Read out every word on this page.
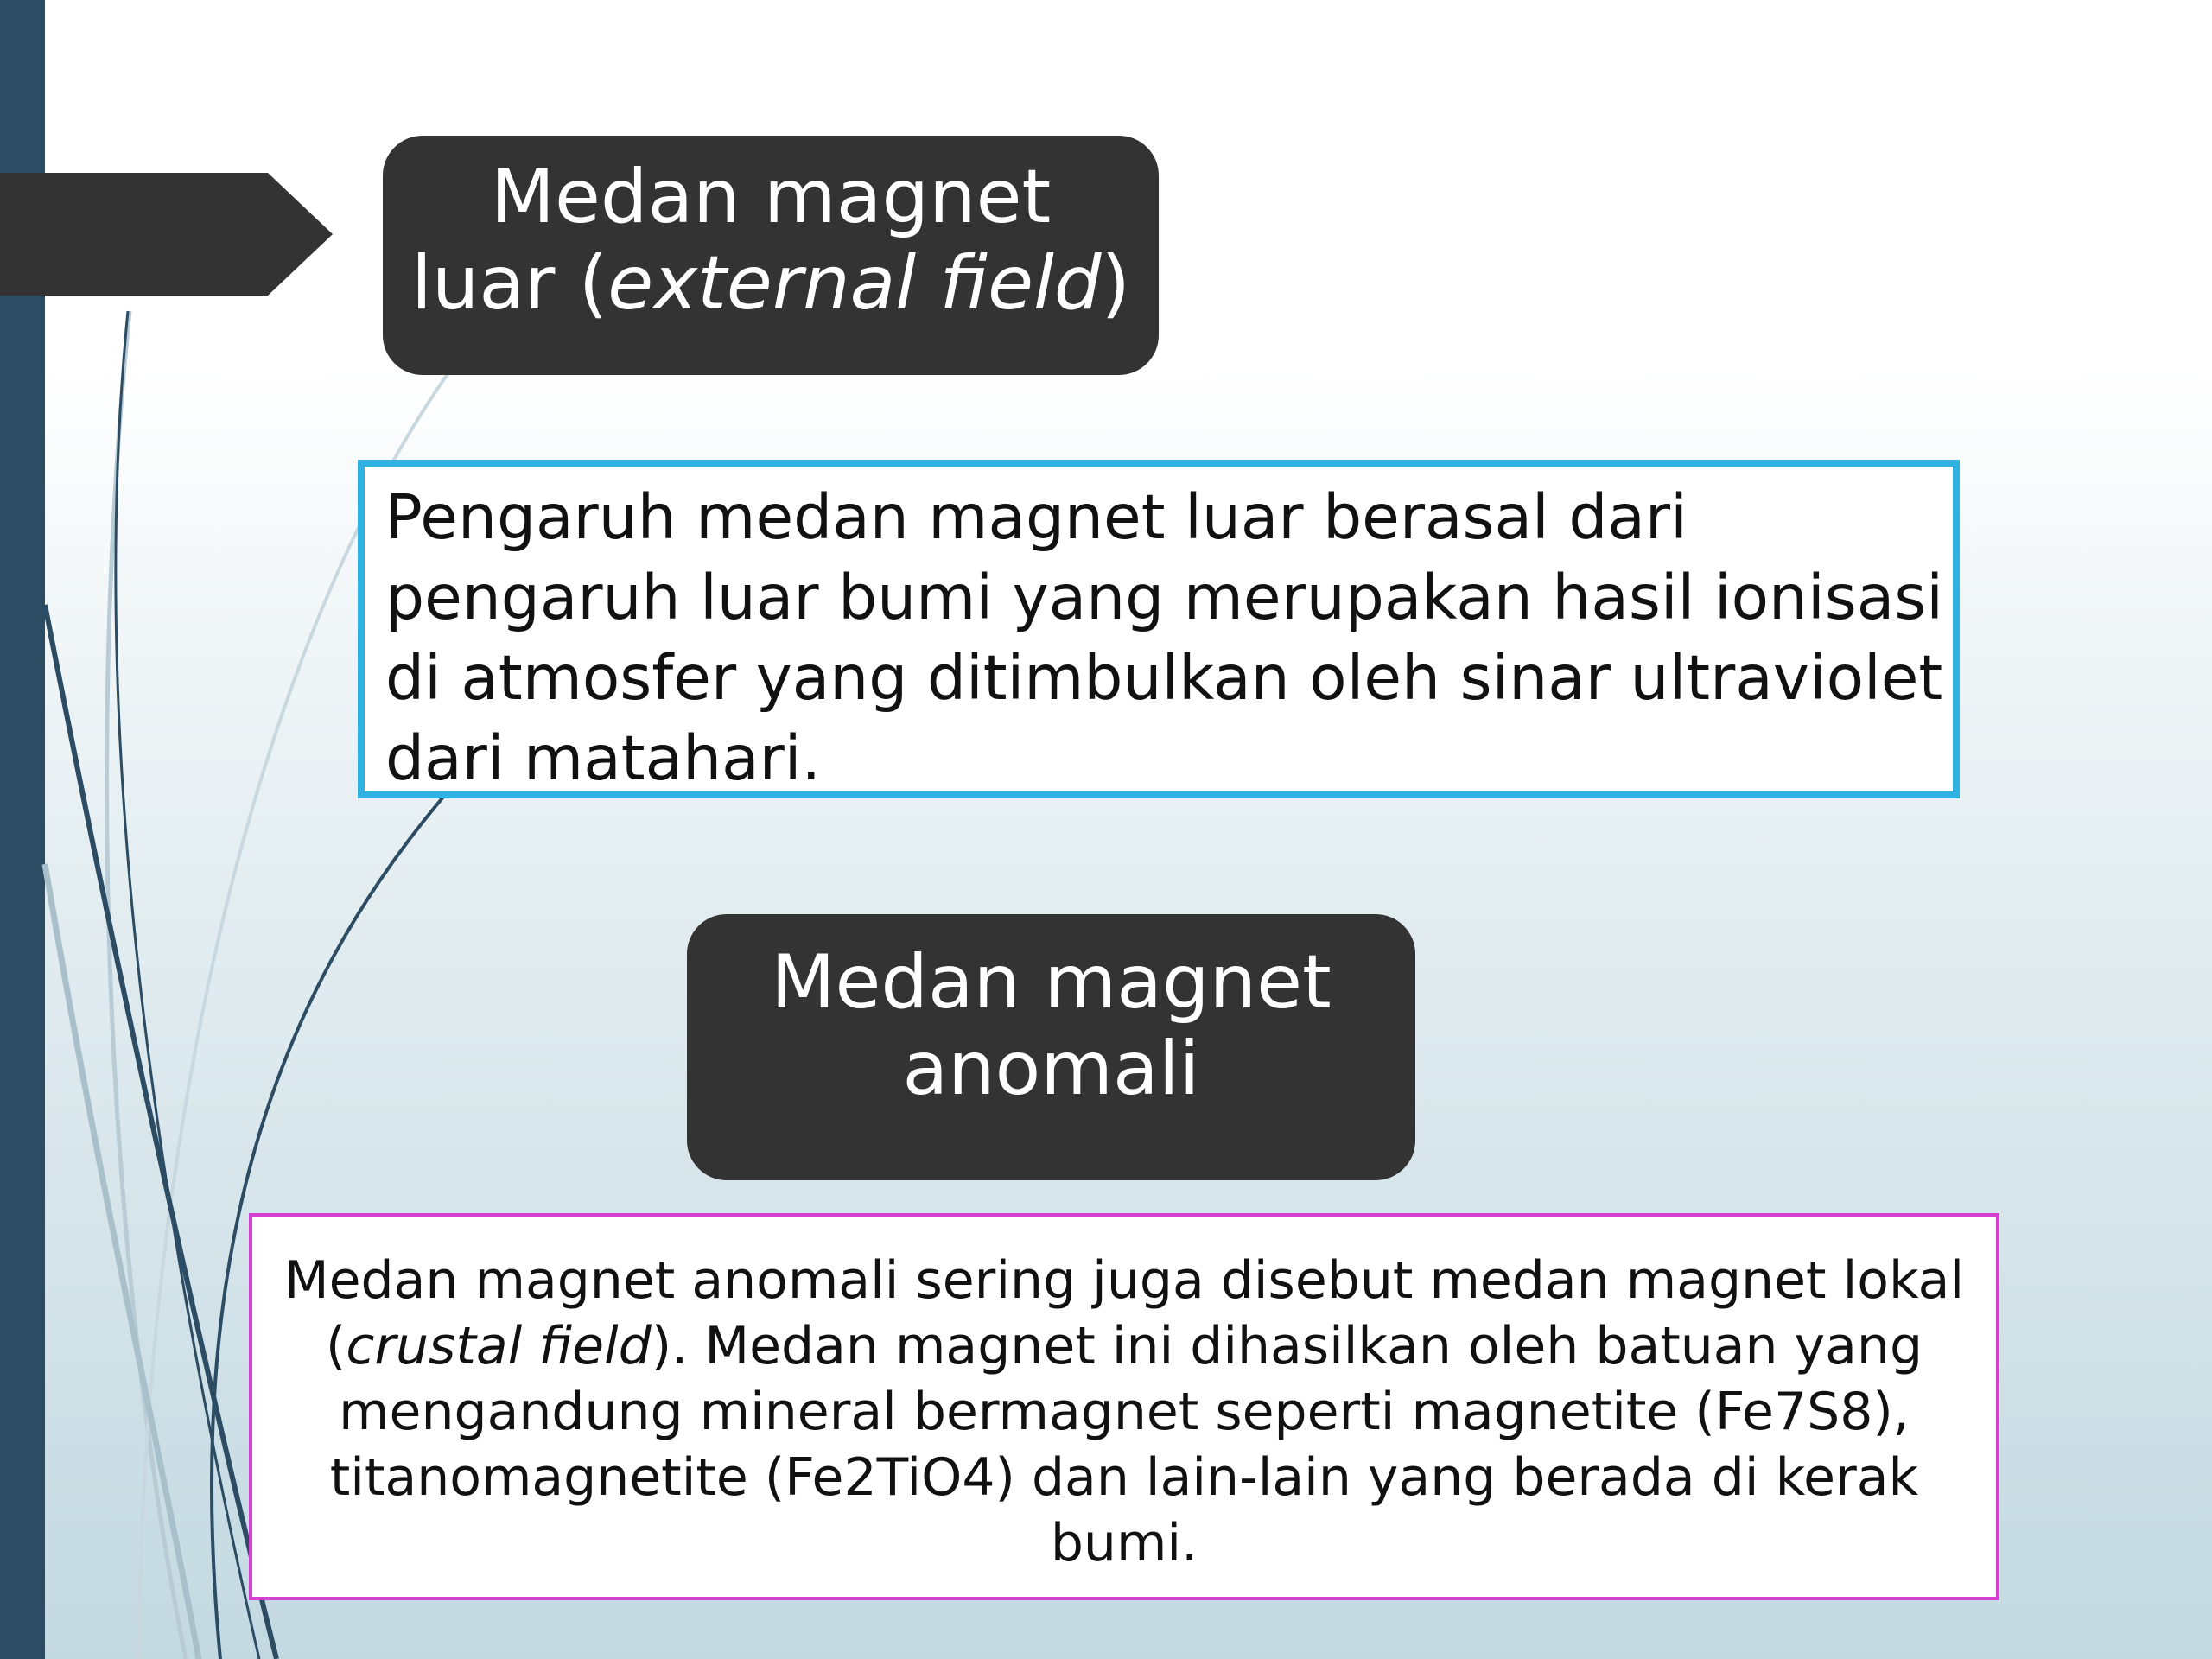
Medan magnet
luar (external field)
Pengaruh medan magnet luar berasal dari pengaruh luar bumi yang merupakan hasil ionisasi di atmosfer yang ditimbulkan oleh sinar ultraviolet dari matahari.
Medan magnet
anomali
Medan magnet anomali sering juga disebut medan magnet lokal (crustal field). Medan magnet ini dihasilkan oleh batuan yang mengandung mineral bermagnet seperti magnetite (Fe7S8), titanomagnetite (Fe2TiO4) dan lain-lain yang berada di kerak bumi.
